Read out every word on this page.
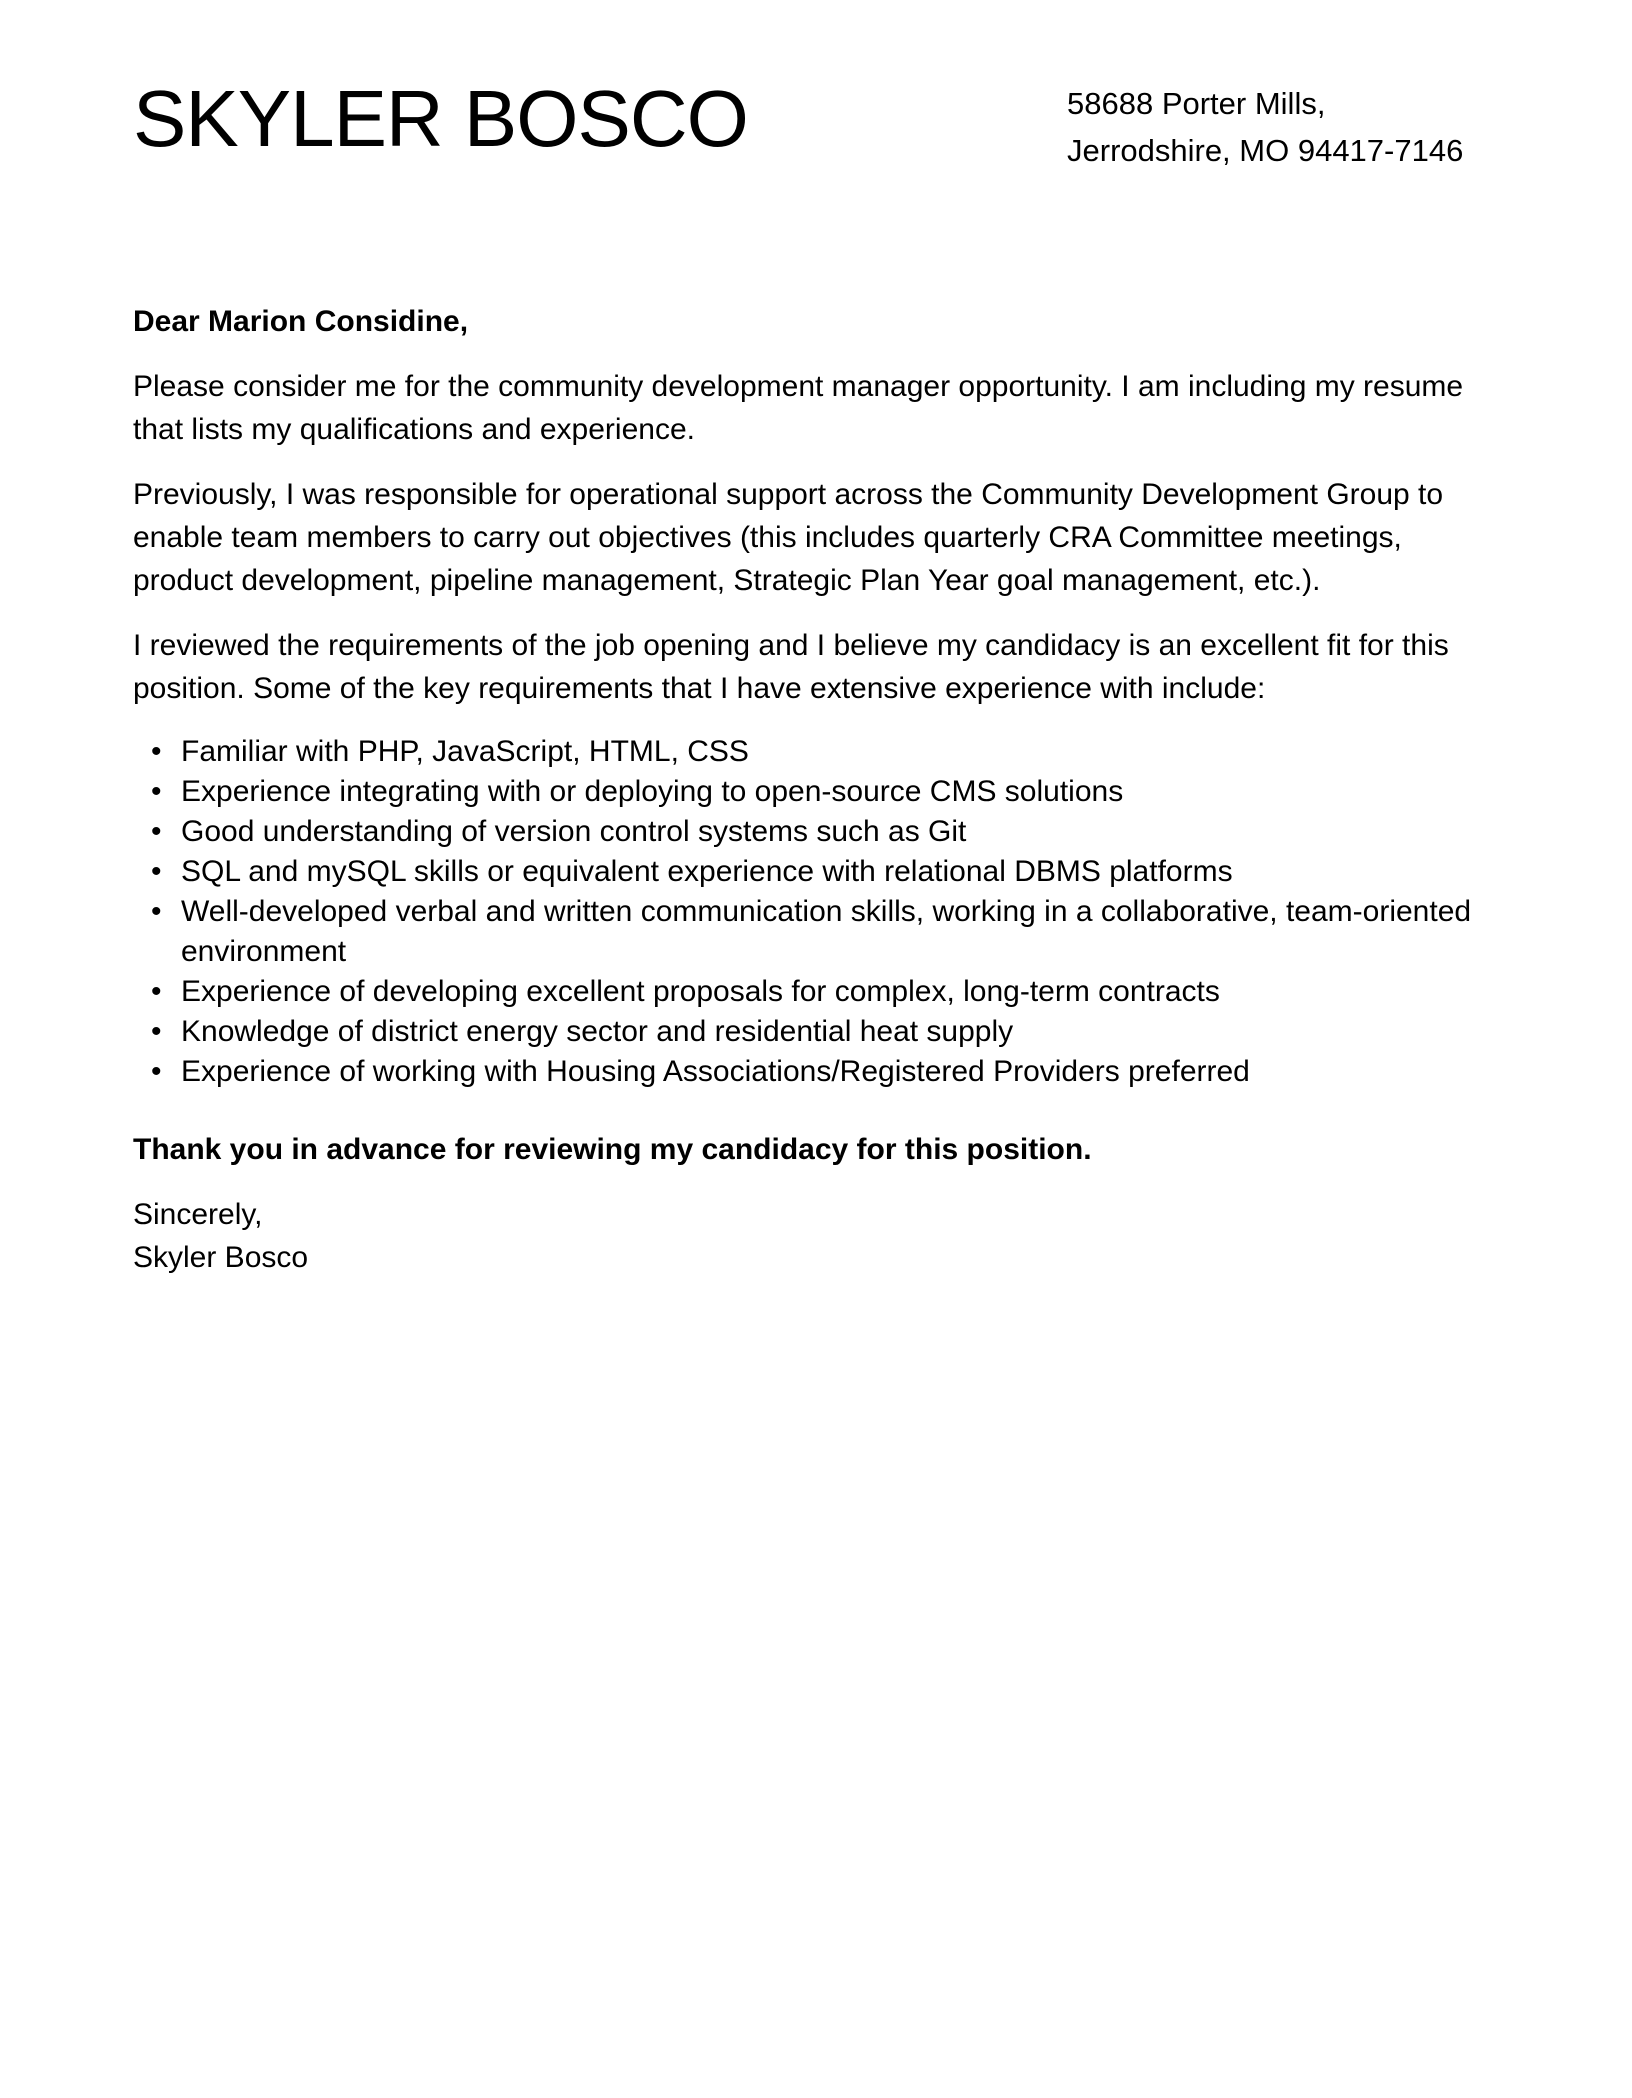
SKYLER BOSCO	58688 Porter Mills,
Jerrodshire, MO 94417-7146

Dear Marion Considine,

Please consider me for the community development manager opportunity. I am including my resume that lists my qualifications and experience.

Previously, I was responsible for operational support across the Community Development Group to enable team members to carry out objectives (this includes quarterly CRA Committee meetings, product development, pipeline management, Strategic Plan Year goal management, etc.).

I reviewed the requirements of the job opening and I believe my candidacy is an excellent fit for this position. Some of the key requirements that I have extensive experience with include:

• Familiar with PHP, JavaScript, HTML, CSS
• Experience integrating with or deploying to open-source CMS solutions
• Good understanding of version control systems such as Git
• SQL and mySQL skills or equivalent experience with relational DBMS platforms
• Well-developed verbal and written communication skills, working in a collaborative, team-oriented environment
• Experience of developing excellent proposals for complex, long-term contracts
• Knowledge of district energy sector and residential heat supply
• Experience of working with Housing Associations/Registered Providers preferred

Thank you in advance for reviewing my candidacy for this position.

Sincerely,
Skyler Bosco
